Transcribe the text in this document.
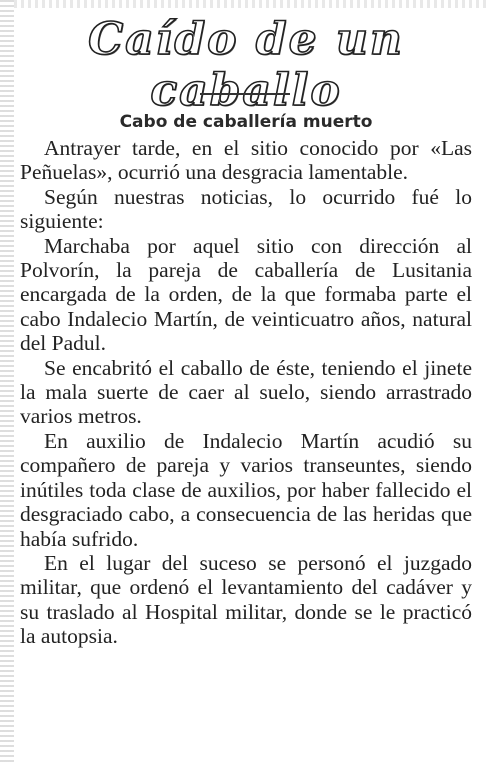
Caído de un caballo
Cabo de caballería muerto

Antrayer tarde, en el sitio conocido por «Las Peñuelas», ocurrió una desgracia lamentable.

Según nuestras noticias, lo ocurrido fué lo siguiente:

Marchaba por aquel sitio con dirección al Polvorín, la pareja de caballería de Lusitania encargada de la orden, de la que formaba parte el cabo Indalecio Martín, de veinticuatro años, natural del Padul.

Se encabritó el caballo de éste, teniendo el jinete la mala suerte de caer al suelo, siendo arrastrado varios metros.

En auxilio de Indalecio Martín acudió su compañero de pareja y varios transeuntes, siendo inútiles toda clase de auxilios, por haber fallecido el desgraciado cabo, a consecuencia de las heridas que había sufrido.

En el lugar del suceso se personó el juzgado militar, que ordenó el levantamiento del cadáver y su traslado al Hospital militar, donde se le practicó la autopsia.
